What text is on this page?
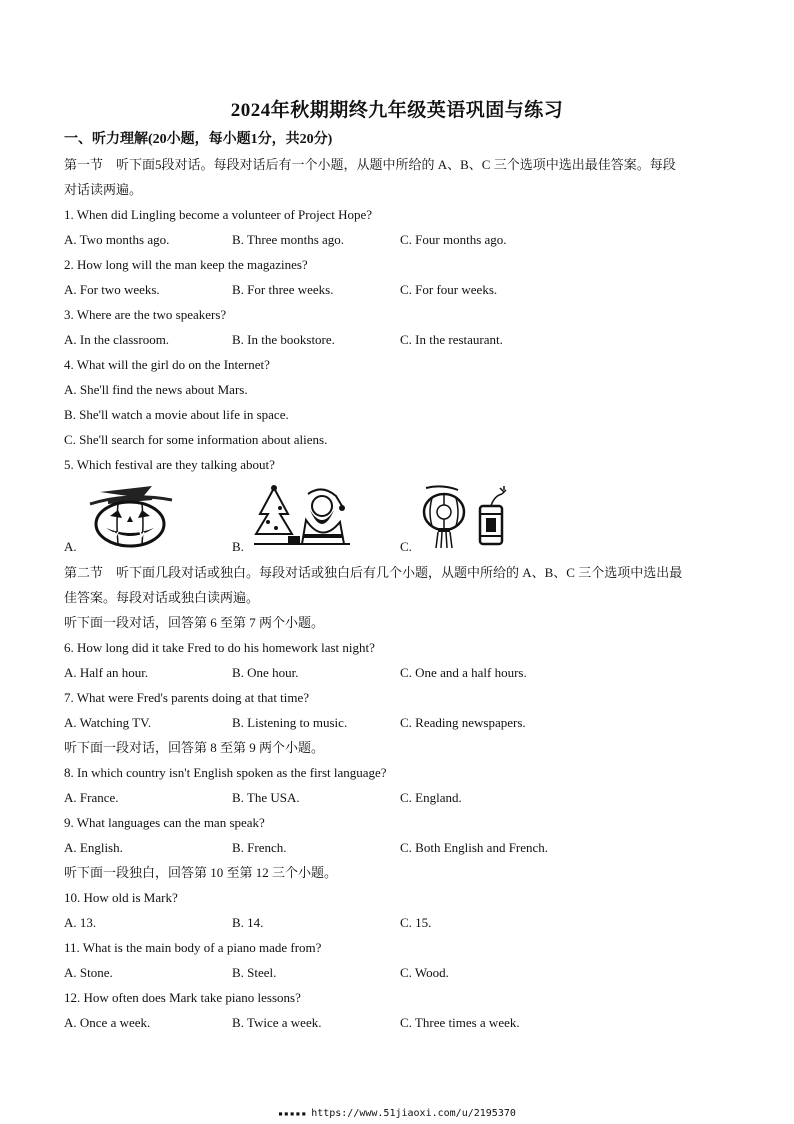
2024年秋期期终九年级英语巩固与练习
一、听力理解(20小题，每小题1分，共20分)
第一节　听下面5段对话。每段对话后有一个小题，从题中所给的 A、B、C 三个选项中选出最佳答案。每段
对话读两遍。
1. When did Lingling become a volunteer of Project Hope?
A. Two months ago.	B. Three months ago.	C. Four months ago.
2. How long will the man keep the magazines?
A. For two weeks.	B. For three weeks.	C. For four weeks.
3. Where are the two speakers?
A. In the classroom.	B. In the bookstore.	C. In the restaurant.
4. What will the girl do on the Internet?
A. She'll find the news about Mars.
B. She'll watch a movie about life in space.
C. She'll search for some information about aliens.
5. Which festival are they talking about?
A.	B.	C.
第二节　听下面几段对话或独白。每段对话或独白后有几个小题，从题中所给的 A、B、C 三个选项中选出最
佳答案。每段对话或独白读两遍。
听下面一段对话，回答第 6 至第 7 两个小题。
6. How long did it take Fred to do his homework last night?
A. Half an hour.	B. One hour.	C. One and a half hours.
7. What were Fred's parents doing at that time?
A. Watching TV.	B. Listening to music.	C. Reading newspapers.
听下面一段对话，回答第 8 至第 9 两个小题。
8. In which country isn't English spoken as the first language?
A. France.	B. The USA.	C. England.
9. What languages can the man speak?
A. English.	B. French.	C. Both English and French.
听下面一段独白，回答第 10 至第 12 三个小题。
10. How old is Mark?
A. 13.	B. 14.	C. 15.
11. What is the main body of a piano made from?
A. Stone.	B. Steel.	C. Wood.
12. How often does Mark take piano lessons?
A. Once a week.	B. Twice a week.	C. Three times a week.
▪▪▪▪▪ https://www.51jiaoxi.com/u/2195370
